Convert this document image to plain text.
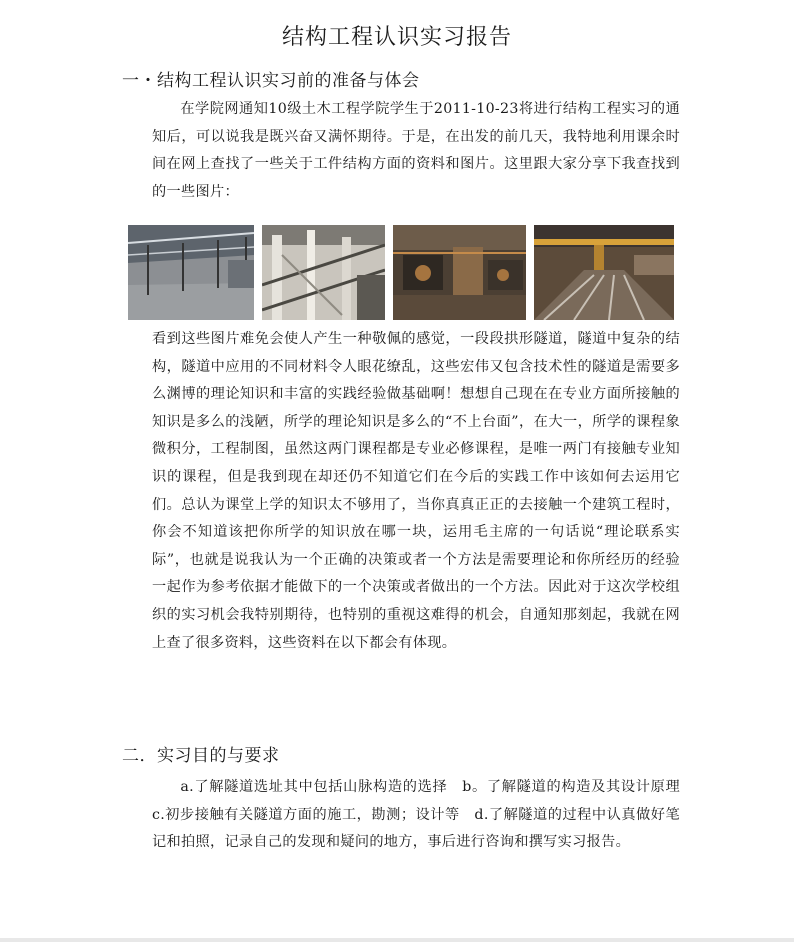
结构工程认识实习报告
一・结构工程认识实习前的准备与体会

在学院网通知10级土木工程学院学生于2011-10-23将进行结构工程实习的通知后，可以说我是既兴奋又满怀期待。于是，在出发的前几天，我特地利用课余时间在网上查找了一些关于工件结构方面的资料和图片。这里跟大家分享下我查找到的一些图片：

看到这些图片难免会使人产生一种敬佩的感觉，一段段拱形隧道，隧道中复杂的结构，隧道中应用的不同材料令人眼花缭乱，这些宏伟又包含技术性的隧道是需要多么渊博的理论知识和丰富的实践经验做基础啊！想想自己现在在专业方面所接触的知识是多么的浅陋，所学的理论知识是多么的“不上台面”，在大一，所学的课程象微积分，工程制图，虽然这两门课程都是专业必修课程，是唯一两门有接触专业知识的课程，但是我到现在却还仍不知道它们在今后的实践工作中该如何去运用它们。总认为课堂上学的知识太不够用了，当你真真正正的去接触一个建筑工程时，你会不知道该把你所学的知识放在哪一块，运用毛主席的一句话说“理论联系实际”，也就是说我认为一个正确的决策或者一个方法是需要理论和你所经历的经验一起作为参考依据才能做下的一个决策或者做出的一个方法。因此对于这次学校组织的实习机会我特别期待，也特别的重视这难得的机会，自通知那刻起，我就在网上查了很多资料，这些资料在以下都会有体现。

二．实习目的与要求

a.了解隧道选址其中包括山脉构造的选择　b。了解隧道的构造及其设计原理　c.初步接触有关隧道方面的施工，勘测；设计等　d.了解隧道的过程中认真做好笔记和拍照，记录自己的发现和疑问的地方，事后进行咨询和撰写实习报告。
